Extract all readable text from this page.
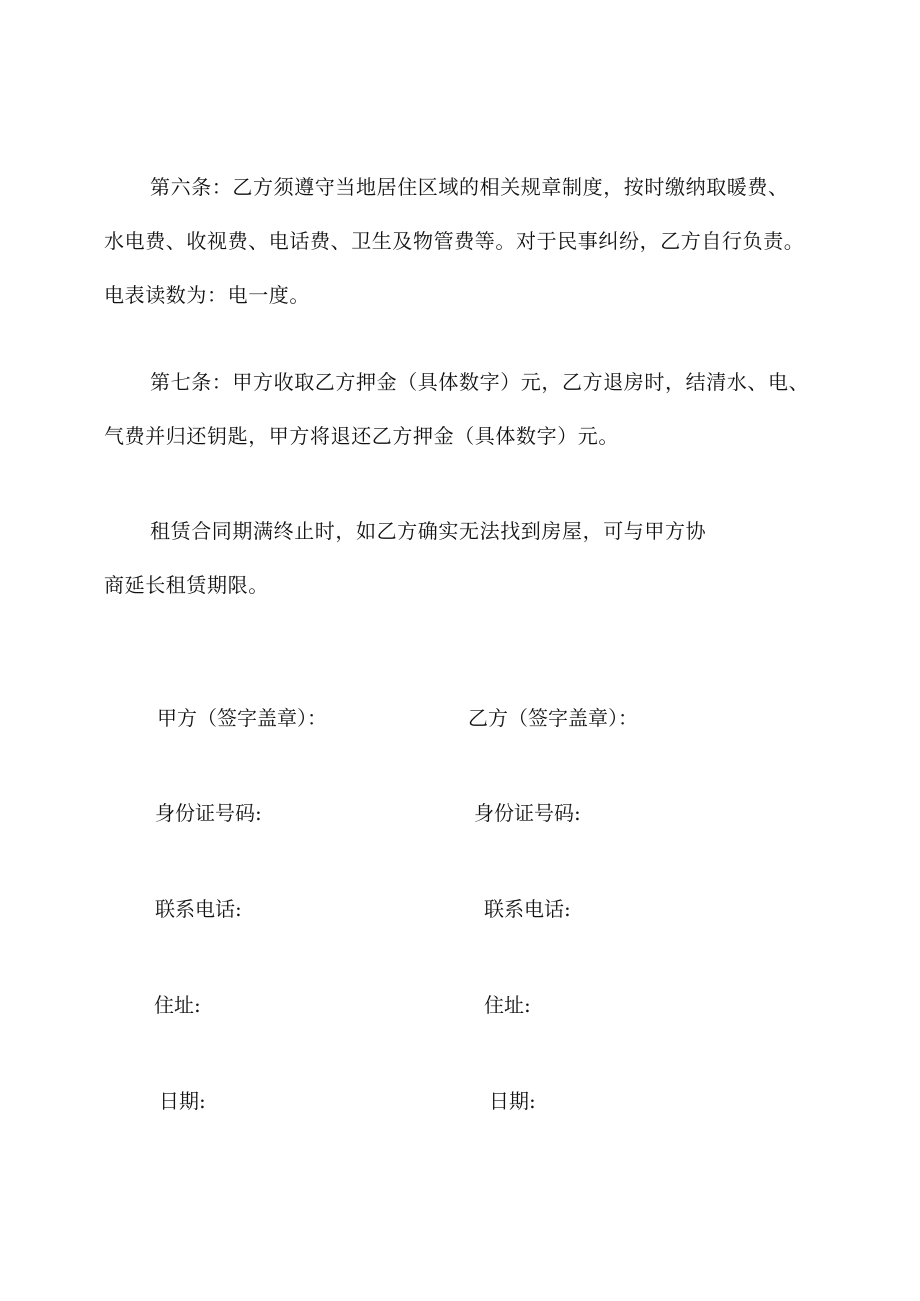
第六条：乙方须遵守当地居住区域的相关规章制度，按时缴纳取暖费、
水电费、收视费、电话费、卫生及物管费等。对于民事纠纷，乙方自行负责。
电表读数为：电一度。
第七条：甲方收取乙方押金（具体数字）元，乙方退房时，结清水、电、
气费并归还钥匙，甲方将退还乙方押金（具体数字）元。
租赁合同期满终止时，如乙方确实无法找到房屋，可与甲方协
商延长租赁期限。
甲方（签字盖章）：
身份证号码:
联系电话:
住址:
日期:
乙方（签字盖章）：
身份证号码:
联系电话:
住址:
日期:
